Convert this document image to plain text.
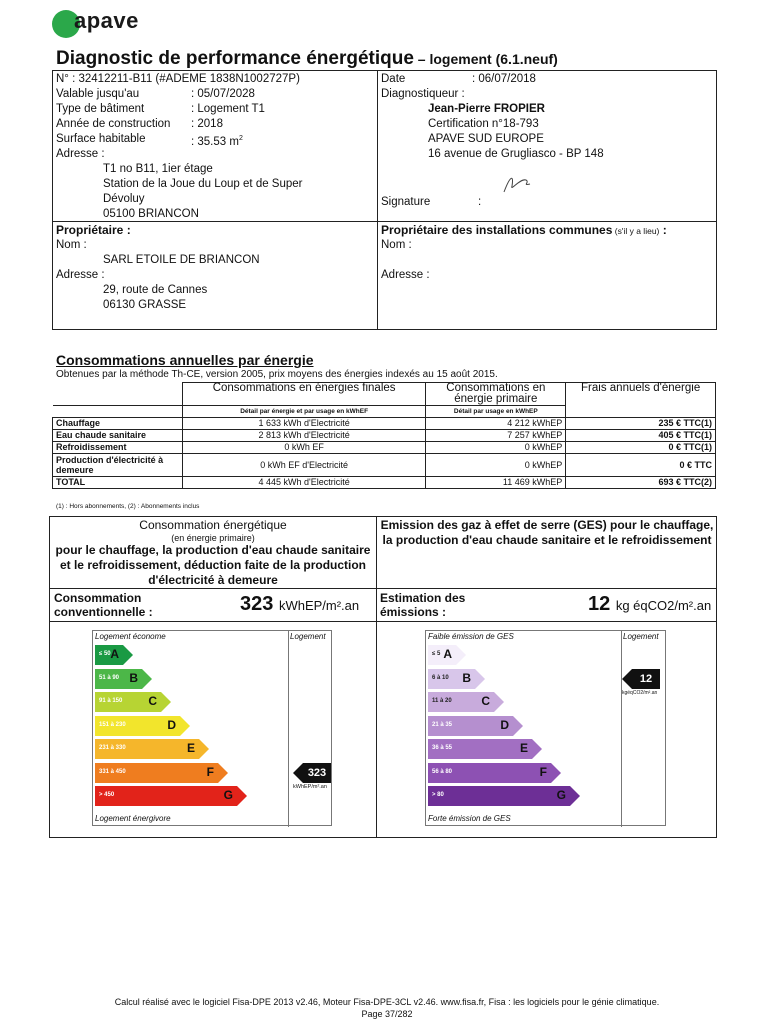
apave
Diagnostic de performance énergétique – logement (6.1.neuf)
N° : 32412211-B11 (#ADEME 1838N1002727P)
Valable jusqu'au	: 05/07/2028
Type de bâtiment	: Logement T1
Année de construction : 2018
Surface habitable	: 35.53 $m^2$
Adresse :
T1 no B11, 1ier étage
Station de la Joue du Loup et de Super
Dévoluy
05100 BRIANCON
Date	: 06/07/2018
Diagnostiqueur :
Jean-Pierre FROPIER
Certification n°18-793
APAVE SUD EUROPE
16 avenue de Grugliasco - BP 148
Signature	:
Propriétaire :
Nom :
SARL ETOILE DE BRIANCON
Adresse :
29, route de Cannes
06130 GRASSE
Propriétaire des installations communes (s'il y a lieu) :
Nom :
Adresse :
Consommations annuelles par énergie
Obtenues par la méthode Th-CE, version 2005, prix moyens des énergies indexés au 15 août 2015.
	Consommations en énergies finales	Consommations en énergie primaire	Frais annuels d'énergie
	Détail par énergie et par usage en kWhEF	Détail par usage en kWhEP	
Chauffage	1 633 kWh d'Electricité	4 212 kWhEP	235 € TTC(1)
Eau chaude sanitaire	2 813 kWh d'Electricité	7 257 kWhEP	405 € TTC(1)
Refroidissement	0 kWh EF	0 kWhEP	0 € TTC(1)
Production d'électricité à demeure	0 kWh EF d'Electricité	0 kWhEP	0 € TTC
TOTAL	4 445 kWh d'Electricité	11 469 kWhEP	693 € TTC(2)
(1) : Hors abonnements, (2) : Abonnements inclus
Consommation énergétique
(en énergie primaire)
pour le chauffage, la production d'eau chaude sanitaire et le refroidissement, déduction faite de la production d'électricité à demeure
Emission des gaz à effet de serre (GES) pour le chauffage, la production d'eau chaude sanitaire et le refroidissement
Consommation conventionnelle :	323 kWhEP/m².an Estimation des émissions :	12 kg éqCO2/m².an
Logement économe	Logement
Logement énergivore
≤ 50 A
51 à 90 B
91 à 150 C
151 à 230	D
231 à 330	E
331 à 450	F
> 450	G
323
kWhEP/m².an
Faible émission de GES	Logement
Forte émission de GES
≤ 5 A
6 à 10 B
11 à 20 C
21 à 35	D
36 à 55	E
56 à 80	F
> 80	G
12
kgéqCO2/m².an
Calcul réalisé avec le logiciel Fisa-DPE 2013 v2.46, Moteur Fisa-DPE-3CL v2.46. www.fisa.fr, Fisa : les logiciels pour le génie climatique.
Page 37/282
